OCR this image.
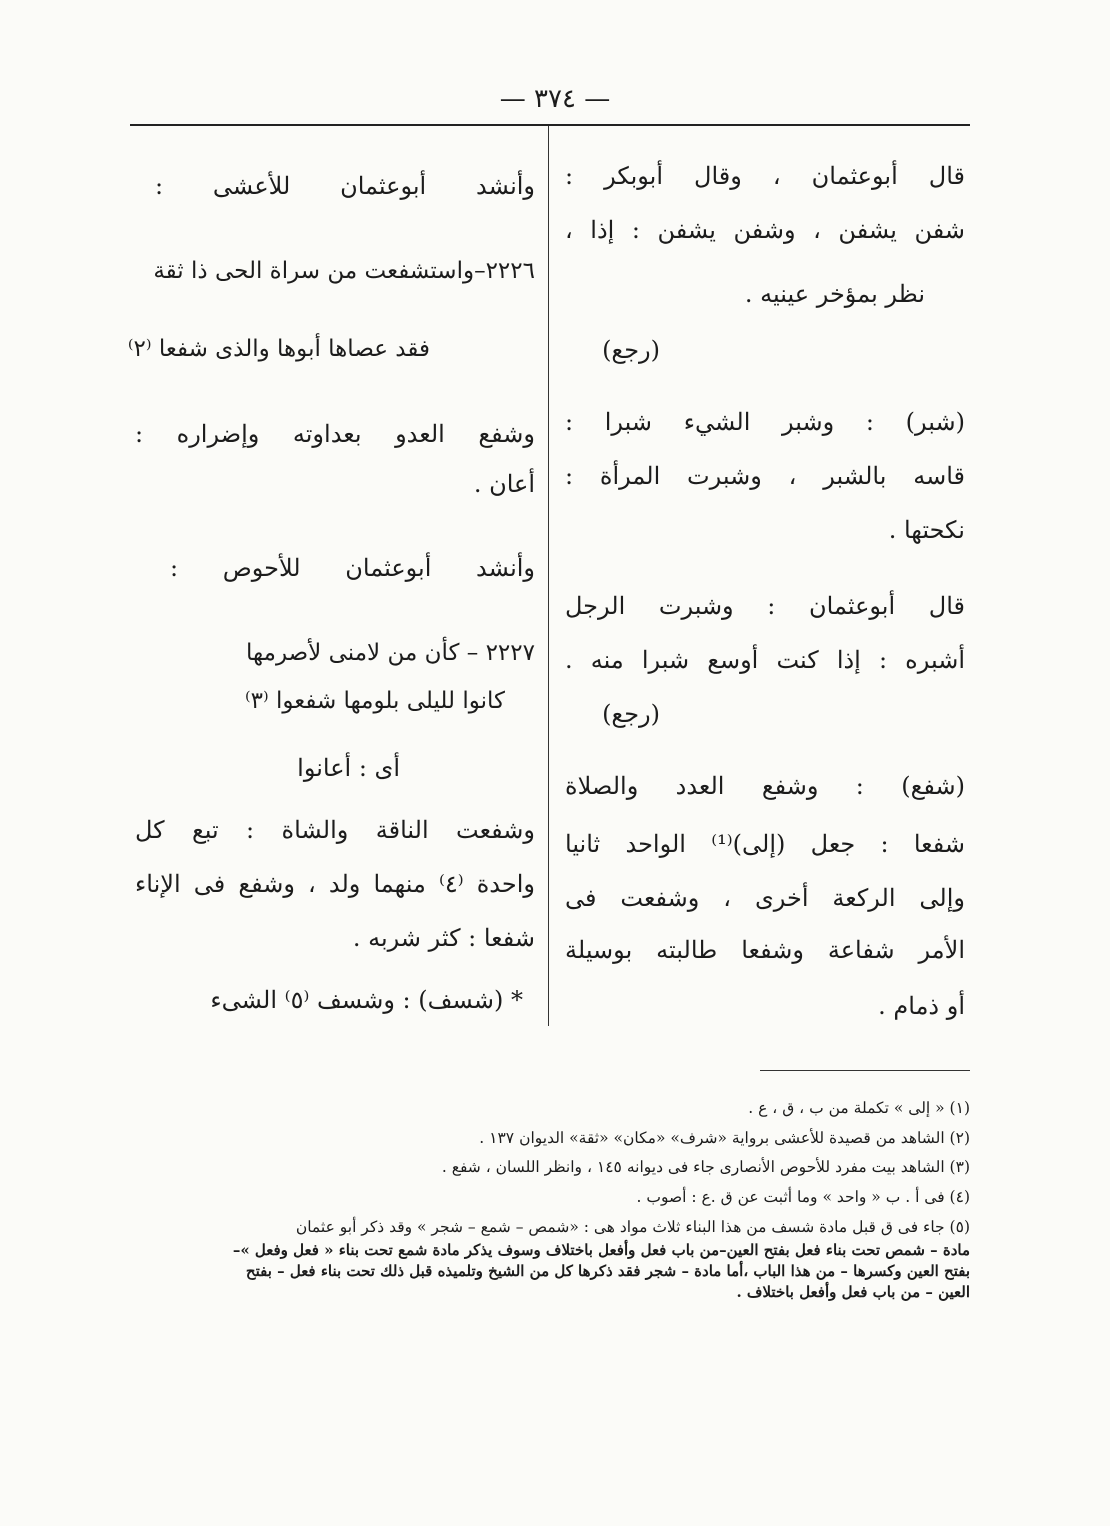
— ٣٧٤ —
قال أبوعثمان ، وقال أبوبكر :
شفن يشفن ، وشفن يشفن : إذا ،
نظر بمؤخر عينيه .
(رجع)
(شبر) : وشبر الشيء شبرا :
قاسه بالشبر ، وشبرت المرأة :
نكحتها .
قال أبوعثمان : وشبرت الرجل
أشبره : إذا كنت أوسع شبرا منه .
(رجع)
(شفع) : وشفع العدد والصلاة
شفعا : جعل (إلى)⁽¹⁾ الواحد ثانيا
وإلى الركعة أخرى ، وشفعت فى
الأمر شفاعة وشفعا طالبته بوسيلة
أو ذمام .
وأنشد أبوعثمان للأعشى :
٢٢٢٦–واستشفعت من سراة الحى ذا ثقة
فقد عصاها أبوها والذى شفعا ⁽٢⁾
وشفع العدو بعداوته وإضراره :
أعان .
وأنشد أبوعثمان للأحوص :
٢٢٢٧ – كأن من لامنى لأصرمها
كانوا لليلى بلومها شفعوا ⁽٣⁾
أى : أعانوا
وشفعت الناقة والشاة : تبع كل
واحدة ⁽٤⁾ منهما ولد ، وشفع فى الإناء
شفعا : كثر شربه .
* (شسف) : وشسف ⁽٥⁾ الشىء
(١) « إلى » تكملة من ب ، ق ، ع .
(٢) الشاهد من قصيدة للأعشى برواية «شرف» «مكان» «ثقة» الديوان ١٣٧ .
(٣) الشاهد بيت مفرد للأحوص الأنصارى جاء فى ديوانه ١٤٥ ، وانظر اللسان ، شفع .
(٤) فى أ . ب « واحد » وما أثبت عن ق .ع : أصوب .
(٥) جاء فى ق قبل مادة شسف من هذا البناء ثلاث مواد هى : «شمص – شمع – شجر » وقد ذكر أبو عثمان
مادة – شمص تحت بناء فعل بفتح العين–من باب فعل وأفعل باختلاف وسوف يذكر مادة شمع تحت بناء « فعل وفعل »–
بفتح العين وكسرها – من هذا الباب ،أما مادة – شجر فقد ذكرها كل من الشيخ وتلميذه قبل ذلك تحت بناء فعل – بفتح
العين – من باب فعل وأفعل باختلاف .
